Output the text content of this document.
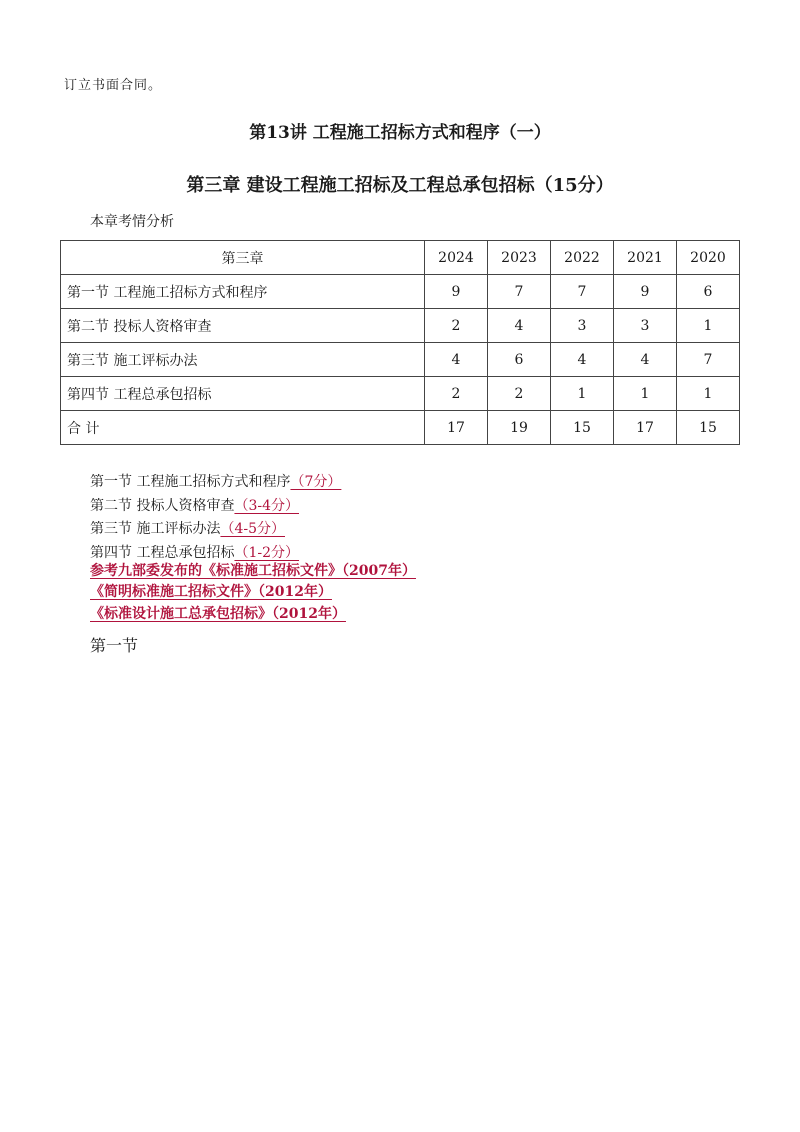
订立书面合同。
第13讲 工程施工招标方式和程序（一）
第三章 建设工程施工招标及工程总承包招标（15分）
本章考情分析
第三章	2024	2023	2022	2021	2020
第一节 工程施工招标方式和程序	9	7	7	9	6
第二节 投标人资格审查	2	4	3	3	1
第三节 施工评标办法	4	6	4	4	7
第四节 工程总承包招标	2	2	1	1	1
合 计	17	19	15	17	15
第一节 工程施工招标方式和程序（7分）
第二节 投标人资格审查（3-4分）
第三节 施工评标办法（4-5分）
第四节 工程总承包招标（1-2分）
参考九部委发布的《标准施工招标文件》（2007年）
《简明标准施工招标文件》（2012年）
《标准设计施工总承包招标》（2012年）
第一节
